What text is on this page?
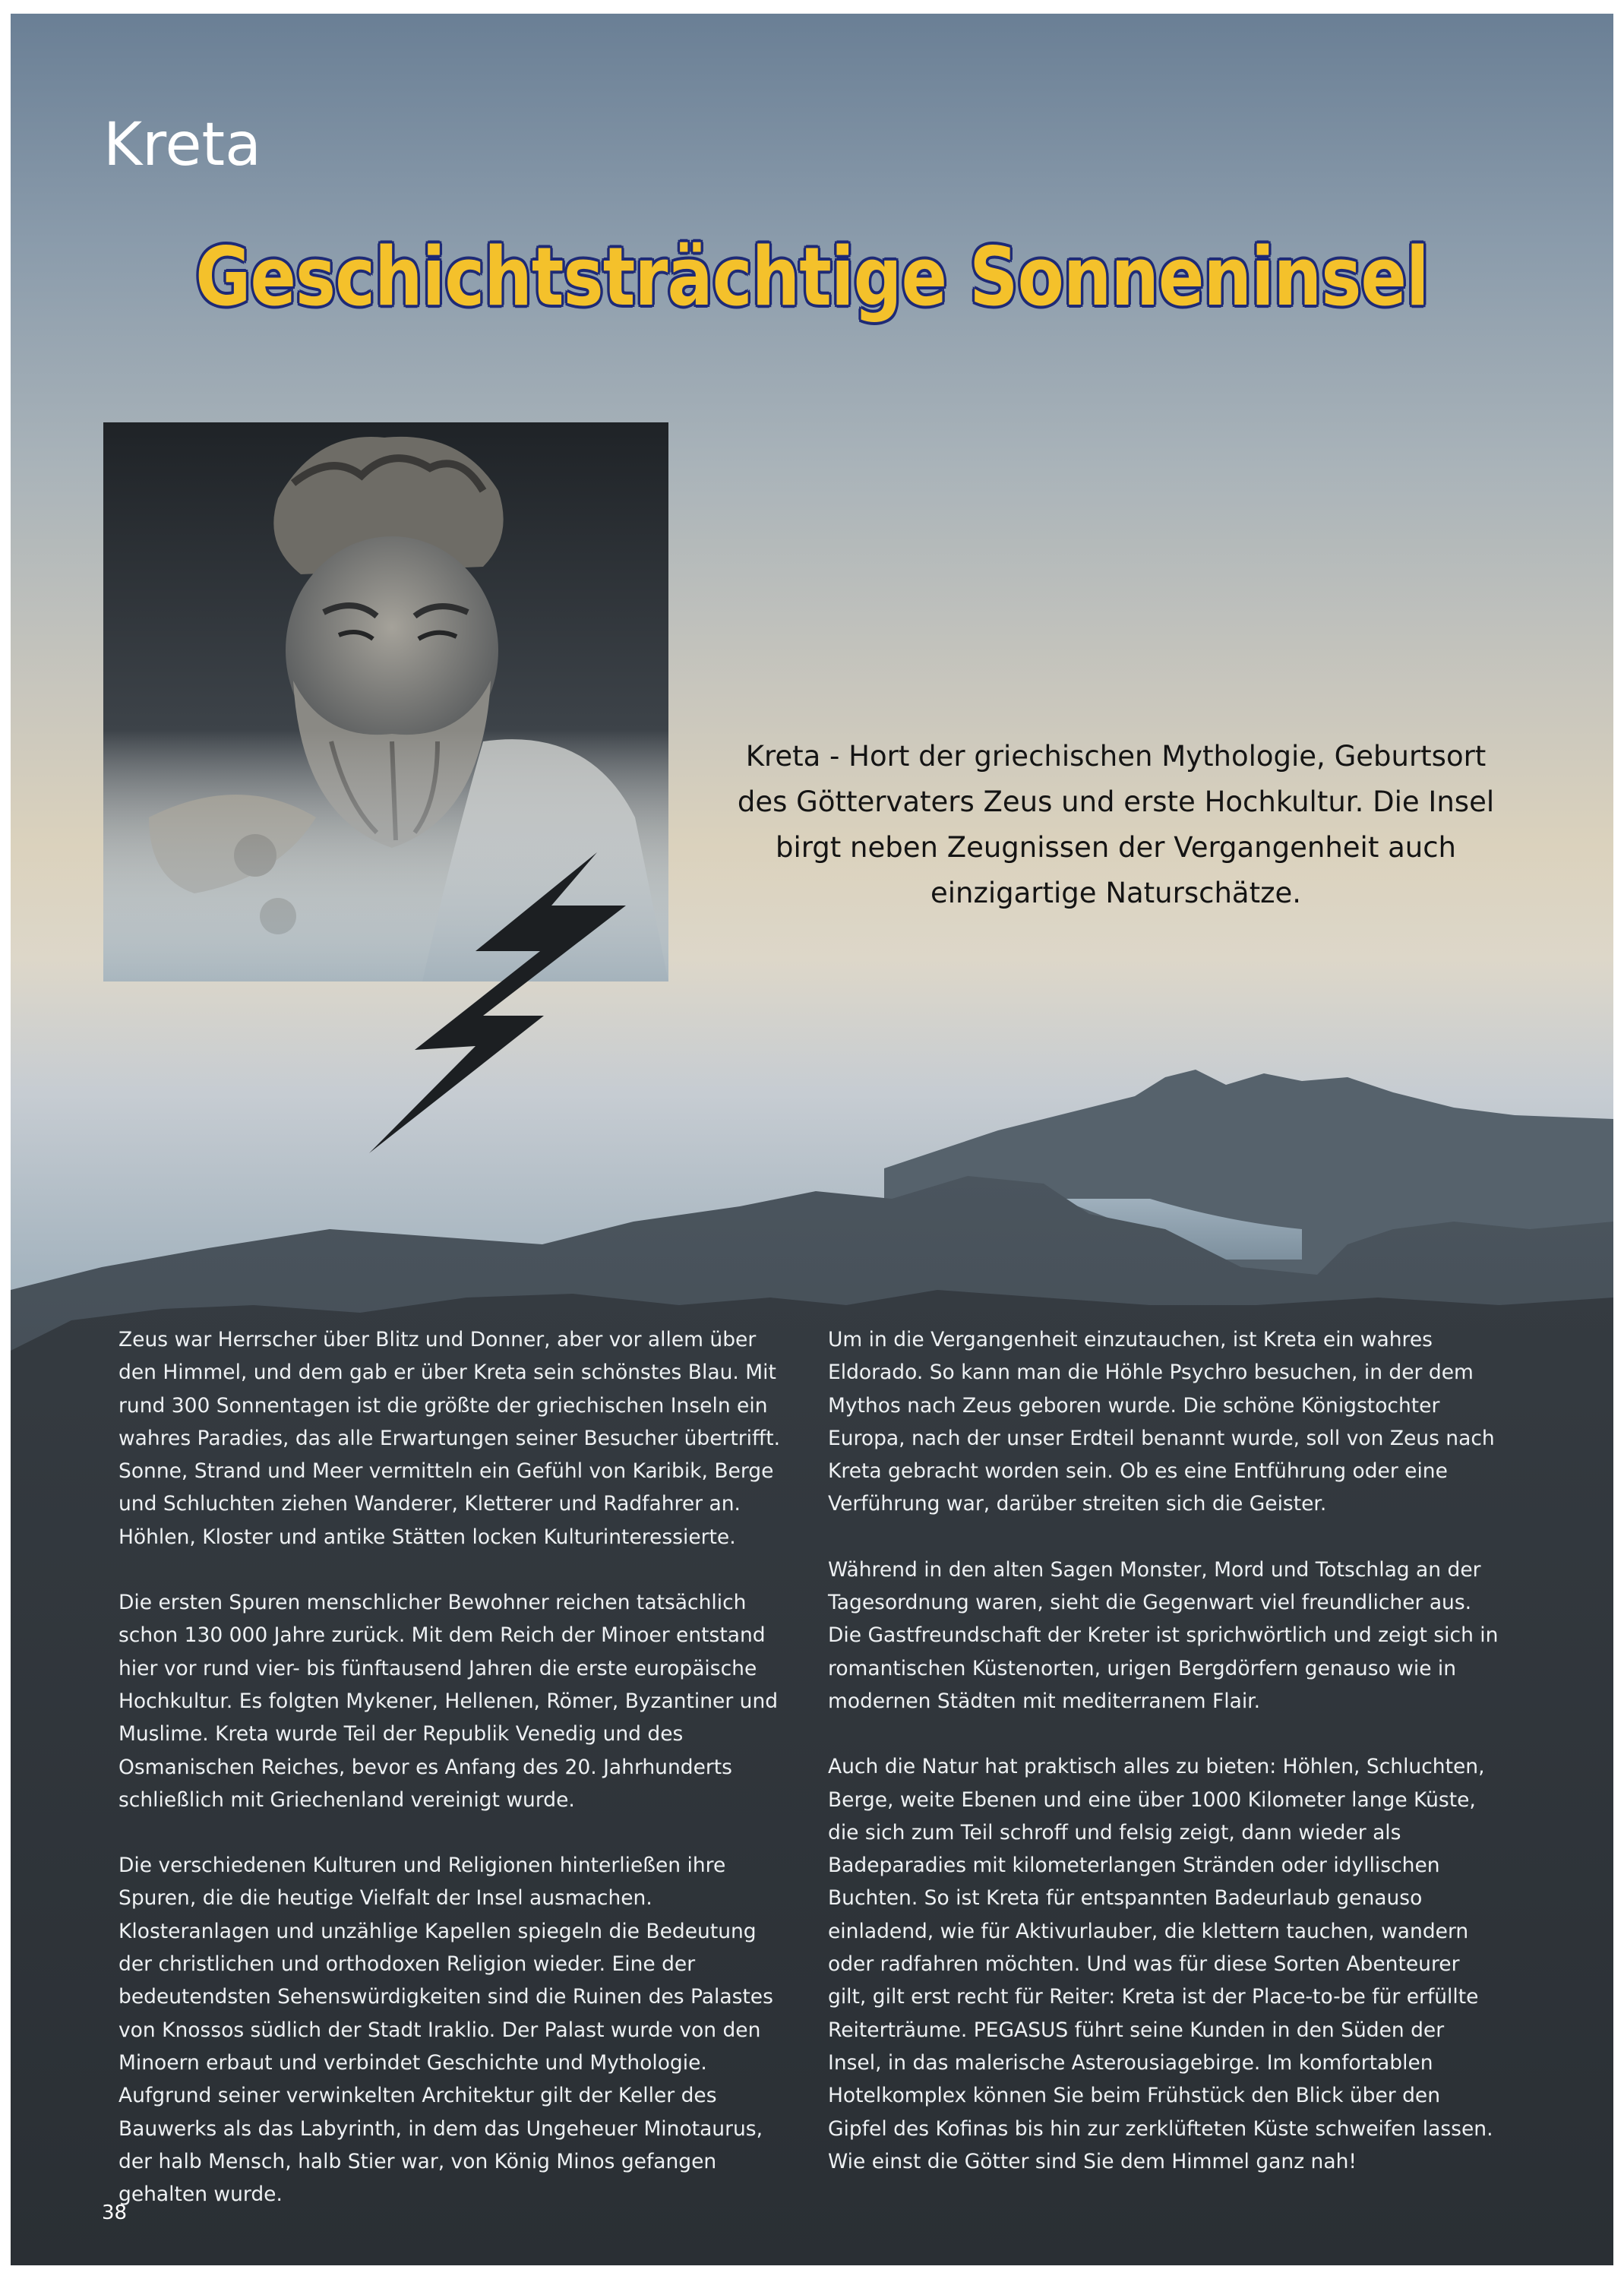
Kreta
Geschichtsträchtige Sonneninsel

Kreta - Hort der griechischen Mythologie, Geburtsort des Göttervaters Zeus und erste Hochkultur. Die Insel birgt neben Zeugnissen der Vergangenheit auch einzigartige Naturschätze.

Zeus war Herrscher über Blitz und Donner, aber vor allem über den Himmel, und dem gab er über Kreta sein schönstes Blau. Mit rund 300 Sonnentagen ist die größte der griechischen Inseln ein wahres Paradies, das alle Erwartungen seiner Besucher übertrifft. Sonne, Strand und Meer vermitteln ein Gefühl von Karibik, Berge und Schluchten ziehen Wanderer, Kletterer und Radfahrer an. Höhlen, Kloster und antike Stätten locken Kulturinteressierte.

Die ersten Spuren menschlicher Bewohner reichen tatsächlich schon 130 000 Jahre zurück. Mit dem Reich der Minoer entstand hier vor rund vier- bis fünftausend Jahren die erste europäische Hochkultur. Es folgten Mykener, Hellenen, Römer, Byzantiner und Muslime. Kreta wurde Teil der Republik Venedig und des Osmanischen Reiches, bevor es Anfang des 20. Jahrhunderts schließlich mit Griechenland vereinigt wurde.

Die verschiedenen Kulturen und Religionen hinterließen ihre Spuren, die die heutige Vielfalt der Insel ausmachen. Klosteranlagen und unzählige Kapellen spiegeln die Bedeutung der christlichen und orthodoxen Religion wieder. Eine der bedeutendsten Sehenswürdigkeiten sind die Ruinen des Palastes von Knossos südlich der Stadt Iraklio. Der Palast wurde von den Minoern erbaut und verbindet Geschichte und Mythologie. Aufgrund seiner verwinkelten Architektur gilt der Keller des Bauwerks als das Labyrinth, in dem das Ungeheuer Minotaurus, der halb Mensch, halb Stier war, von König Minos gefangen gehalten wurde.

Um in die Vergangenheit einzutauchen, ist Kreta ein wahres Eldorado. So kann man die Höhle Psychro besuchen, in der dem Mythos nach Zeus geboren wurde. Die schöne Königstochter Europa, nach der unser Erdteil benannt wurde, soll von Zeus nach Kreta gebracht worden sein. Ob es eine Entführung oder eine Verführung war, darüber streiten sich die Geister.

Während in den alten Sagen Monster, Mord und Totschlag an der Tagesordnung waren, sieht die Gegenwart viel freundlicher aus. Die Gastfreundschaft der Kreter ist sprichwörtlich und zeigt sich in romantischen Küstenorten, urigen Bergdörfern genauso wie in modernen Städten mit mediterranem Flair.

Auch die Natur hat praktisch alles zu bieten: Höhlen, Schluchten, Berge, weite Ebenen und eine über 1000 Kilometer lange Küste, die sich zum Teil schroff und felsig zeigt, dann wieder als Badeparadies mit kilometerlangen Stränden oder idyllischen Buchten. So ist Kreta für entspannten Badeurlaub genauso einladend, wie für Aktivurlauber, die klettern tauchen, wandern oder radfahren möchten. Und was für diese Sorten Abenteurer gilt, gilt erst recht für Reiter: Kreta ist der Place-to-be für erfüllte Reiterträume. PEGASUS führt seine Kunden in den Süden der Insel, in das malerische Asterousiagebirge. Im komfortablen Hotelkomplex können Sie beim Frühstück den Blick über den Gipfel des Kofinas bis hin zur zerklüfteten Küste schweifen lassen. Wie einst die Götter sind Sie dem Himmel ganz nah!

38
